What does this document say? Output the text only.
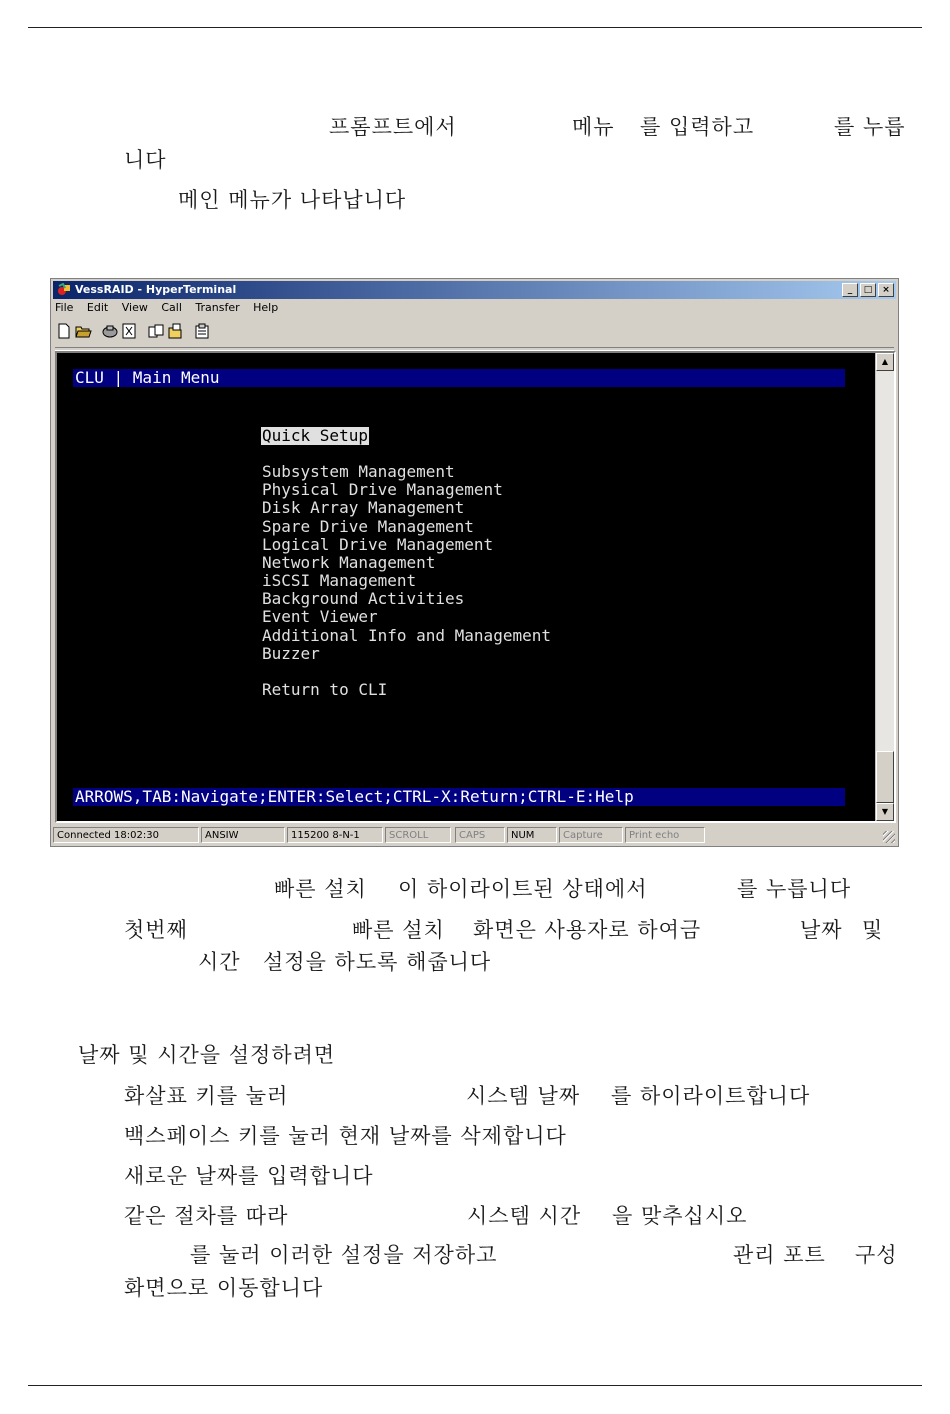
프롬프트에서	메뉴 를 입력하고	를 누릅
니다
메인 메뉴가 나타납니다
VessRAID - HyperTerminal	_ □ ×
File Edit View Call Transfer Help
CLU | Main Menu
Quick Setup
Subsystem Management
Physical Drive Management
Disk Array Management
Spare Drive Management
Logical Drive Management
Network Management
iSCSI Management
Background Activities
Event Viewer
Additional Info and Management
Buzzer
Return to CLI
ARROWS,TAB:Navigate;ENTER:Select;CTRL-X:Return;CTRL-E:Help
▲
▼
Connected 18:02:30	ANSIW	115200 8-N-1	SCROLL	CAPS	NUM	Capture	Print echo
빠른 설치 이 하이라이트된 상태에서	를 누릅니다
첫번째	빠른 설치 화면은 사용자로 하여금	날짜 및
시간 설정을 하도록 해줍니다
날짜 및 시간을 설정하려면
화살표 키를 눌러	시스템 날짜 를 하이라이트합니다
백스페이스 키를 눌러 현재 날짜를 삭제합니다
새로운 날짜를 입력합니다
같은 절차를 따라	시스템 시간 을 맞추십시오
를 눌러 이러한 설정을 저장하고	관리 포트 구성
화면으로 이동합니다
